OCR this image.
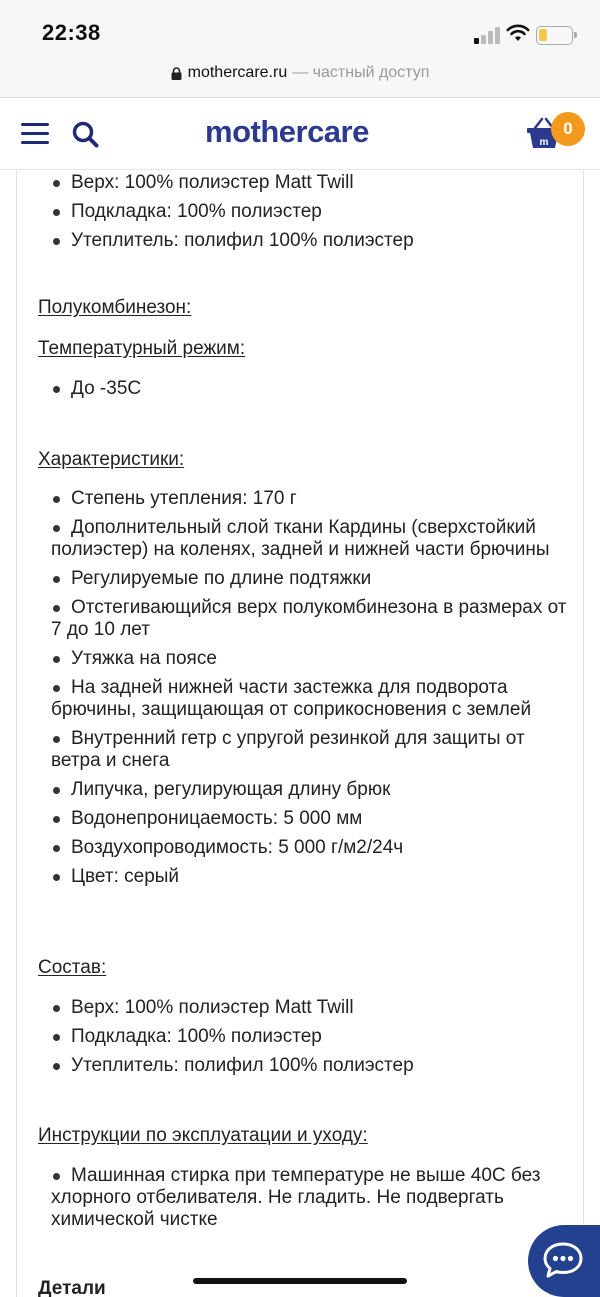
22:38
mothercare.ru — частный доступ
mothercare	m
0
Верх: 100% полиэстер Matt Twill
Подкладка: 100% полиэстер
Утеплитель: полифил 100% полиэстер
Полукомбинезон:
Температурный режим:
До -35С
Характеристики:
Степень утепления: 170 г
Дополнительный слой ткани Кардины (сверхстойкий полиэстер) на коленях, задней и нижней части брючины
Регулируемые по длине подтяжки
Отстегивающийся верх полукомбинезона в размерах от 7 до 10 лет
Утяжка на поясе
На задней нижней части застежка для подворота брючины, защищающая от соприкосновения с землей
Внутренний гетр с упругой резинкой для защиты от ветра и снега
Липучка, регулирующая длину брюк
Водонепроницаемость: 5 000 мм
Воздухопроводимость: 5 000 г/м2/24ч
Цвет: серый
Состав:
Верх: 100% полиэстер Matt Twill
Подкладка: 100% полиэстер
Утеплитель: полифил 100% полиэстер
Инструкции по эксплуатации и уходу:
Машинная стирка при температуре не выше 40С без хлорного отбеливателя. Не гладить. Не подвергать химической чистке
Детали
